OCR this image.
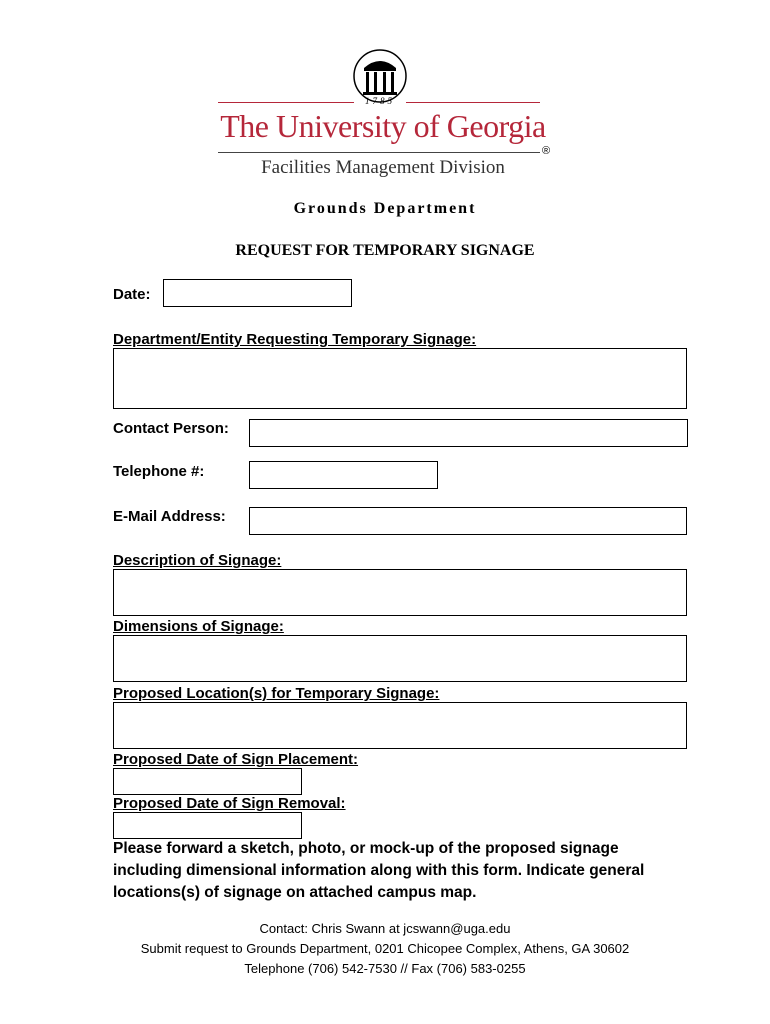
1785
The University of Georgia
®
Facilities Management Division
Grounds Department
REQUEST FOR TEMPORARY SIGNAGE
Date:
Department/Entity Requesting Temporary Signage:
Contact Person:
Telephone #:
E-Mail Address:
Description of Signage:
Dimensions of Signage:
Proposed Location(s) for Temporary Signage:
Proposed Date of Sign Placement:
Proposed Date of Sign Removal:
Please forward a sketch, photo, or mock-up of the proposed signage
including dimensional information along with this form. Indicate general
locations(s) of signage on attached campus map.
Contact: Chris Swann at jcswann@uga.edu
Submit request to Grounds Department, 0201 Chicopee Complex, Athens, GA 30602
Telephone (706) 542-7530 // Fax (706) 583-0255
